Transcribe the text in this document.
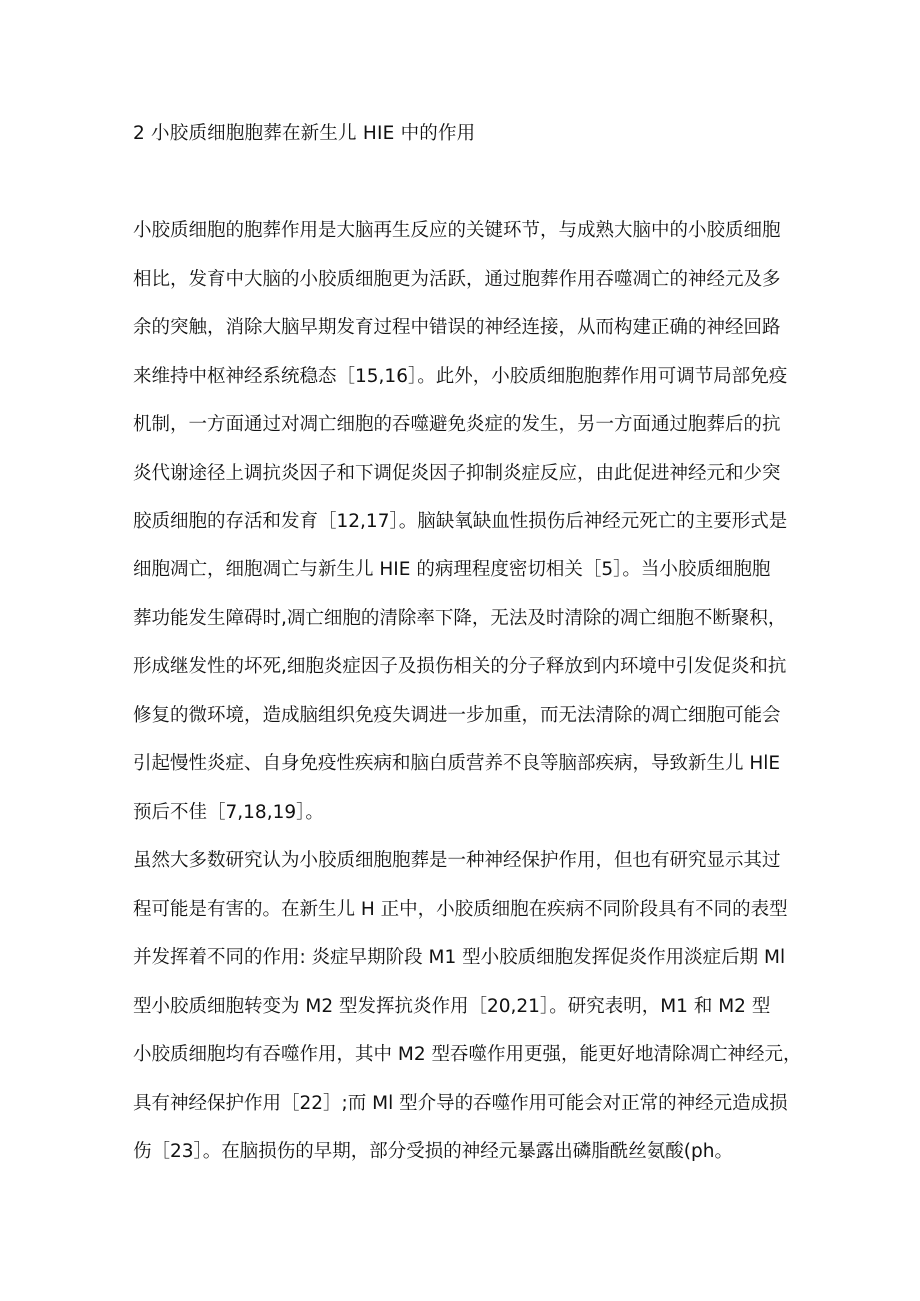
2 小胶质细胞胞葬在新生儿 HIE 中的作用
小胶质细胞的胞葬作用是大脑再生反应的关键环节，与成熟大脑中的小胶质细胞
相比，发育中大脑的小胶质细胞更为活跃，通过胞葬作用吞噬凋亡的神经元及多
余的突触，消除大脑早期发育过程中错误的神经连接，从而构建正确的神经回路
来维持中枢神经系统稳态［15,16］。此外，小胶质细胞胞葬作用可调节局部免疫
机制，一方面通过对凋亡细胞的吞噬避免炎症的发生，另一方面通过胞葬后的抗
炎代谢途径上调抗炎因子和下调促炎因子抑制炎症反应，由此促进神经元和少突
胶质细胞的存活和发育［12,17］。脑缺氧缺血性损伤后神经元死亡的主要形式是
细胞凋亡，细胞凋亡与新生儿 HIE 的病理程度密切相关［5］。当小胶质细胞胞
葬功能发生障碍时,凋亡细胞的清除率下降，无法及时清除的凋亡细胞不断聚积，
形成继发性的坏死,细胞炎症因子及损伤相关的分子释放到内环境中引发促炎和抗
修复的微环境，造成脑组织免疫失调进一步加重，而无法清除的凋亡细胞可能会
引起慢性炎症、自身免疫性疾病和脑白质营养不良等脑部疾病，导致新生儿 HlE
预后不佳［7,18,19］。
虽然大多数研究认为小胶质细胞胞葬是一种神经保护作用，但也有研究显示其过
程可能是有害的。在新生儿 H 正中，小胶质细胞在疾病不同阶段具有不同的表型
并发挥着不同的作用: 炎症早期阶段 M1 型小胶质细胞发挥促炎作用淡症后期 Ml
型小胶质细胞转变为 M2 型发挥抗炎作用［20,21］。研究表明，M1 和 M2 型
小胶质细胞均有吞噬作用，其中 M2 型吞噬作用更强，能更好地清除凋亡神经元，
具有神经保护作用［22］;而 Ml 型介导的吞噬作用可能会对正常的神经元造成损
伤［23］。在脑损伤的早期，部分受损的神经元暴露出磷脂酰丝氨酸(ph。
